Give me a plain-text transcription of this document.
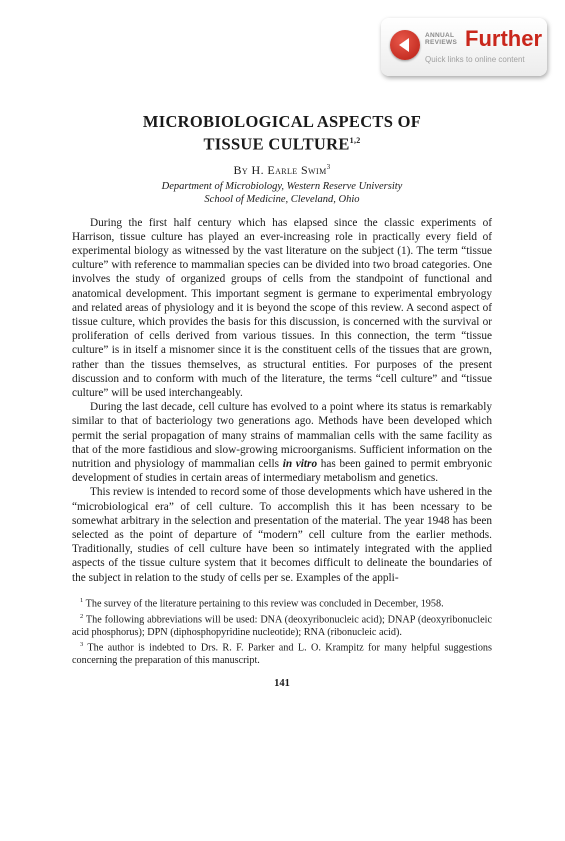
ANNUAL
REVIEWS Further
Quick links to online content
MICROBIOLOGICAL ASPECTS OF
TISSUE CULTURE$^{1,2}$
By H. Earle Swim$^3$
Department of Microbiology, Western Reserve University
School of Medicine, Cleveland, Ohio

During the first half century which has elapsed since the classic experiments of Harrison, tissue culture has played an ever-increasing role in practically every field of experimental biology as witnessed by the vast literature on the subject (1). The term “tissue culture” with reference to mammalian species can be divided into two broad categories. One involves the study of organized groups of cells from the standpoint of functional and anatomical development. This important segment is germane to experimental embryology and related areas of physiology and it is beyond the scope of this review. A second aspect of tissue culture, which provides the basis for this discussion, is concerned with the survival or proliferation of cells derived from various tissues. In this connection, the term “tissue culture” is in itself a misnomer since it is the constituent cells of the tissues that are grown, rather than the tissues themselves, as structural entities. For purposes of the present discussion and to conform with much of the literature, the terms “cell culture” and “tissue culture” will be used interchangeably.

During the last decade, cell culture has evolved to a point where its status is remarkably similar to that of bacteriology two generations ago. Methods have been developed which permit the serial propagation of many strains of mammalian cells with the same facility as that of the more fastidious and slow-growing microorganisms. Sufficient information on the nutrition and physiology of mammalian cells in vitro has been gained to permit embryonic development of studies in certain areas of intermediary metabolism and genetics.

This review is intended to record some of those developments which have ushered in the “microbiological era” of cell culture. To accomplish this it has been ncessary to be somewhat arbitrary in the selection and presentation of the material. The year 1948 has been selected as the point of departure of “modern” cell culture from the earlier methods. Traditionally, studies of cell culture have been so intimately integrated with the applied aspects of the tissue culture system that it becomes difficult to delineate the boundaries of the subject in relation to the study of cells per se. Examples of the appli-

$^1$ The survey of the literature pertaining to this review was concluded in December, 1958.

$^2$ The following abbreviations will be used: DNA (deoxyribonucleic acid); DNAP (deoxyribonucleic acid phosphorus); DPN (diphosphopyridine nucleotide); RNA (ribonucleic acid).

$^3$ The author is indebted to Drs. R. F. Parker and L. O. Krampitz for many helpful suggestions concerning the preparation of this manuscript.

141
